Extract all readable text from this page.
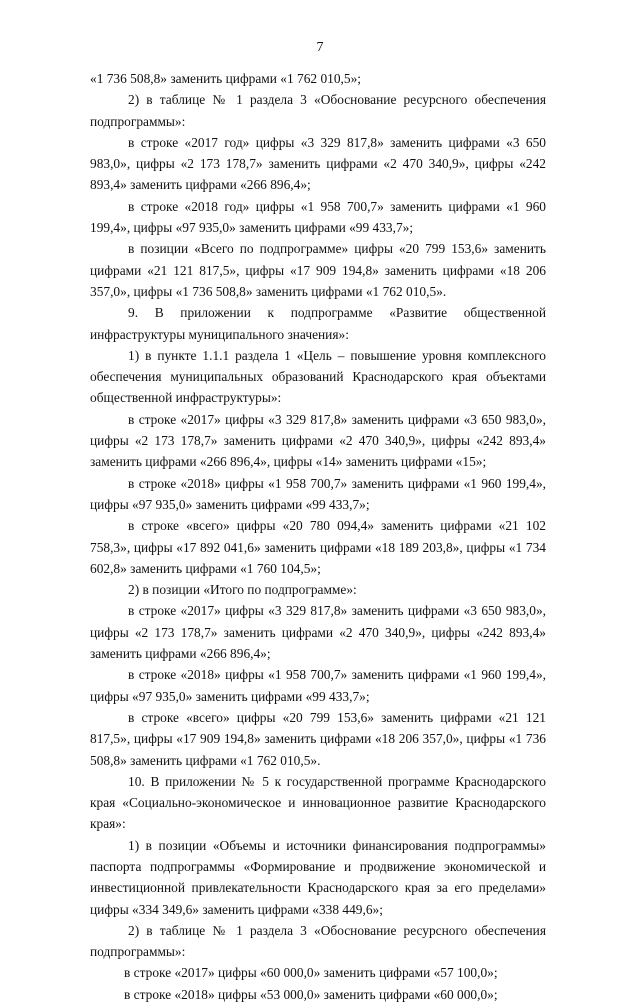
7

«1 736 508,8» заменить цифрами «1 762 010,5»;

2) в таблице № 1 раздела 3 «Обоснование ресурсного обеспечения подпрограммы»:

в строке «2017 год» цифры «3 329 817,8» заменить цифрами «3 650 983,0», цифры «2 173 178,7» заменить цифрами «2 470 340,9», цифры «242 893,4» заменить цифрами «266 896,4»;

в строке «2018 год» цифры «1 958 700,7» заменить цифрами «1 960 199,4», цифры «97 935,0» заменить цифрами «99 433,7»;

в позиции «Всего по подпрограмме» цифры «20 799 153,6» заменить цифрами «21 121 817,5», цифры «17 909 194,8» заменить цифрами «18 206 357,0», цифры «1 736 508,8» заменить цифрами «1 762 010,5».

9. В приложении к подпрограмме «Развитие общественной инфраструктуры муниципального значения»:

1) в пункте 1.1.1 раздела 1 «Цель – повышение уровня комплексного обеспечения муниципальных образований Краснодарского края объектами общественной инфраструктуры»:

в строке «2017» цифры «3 329 817,8» заменить цифрами «3 650 983,0», цифры «2 173 178,7» заменить цифрами «2 470 340,9», цифры «242 893,4» заменить цифрами «266 896,4», цифры «14» заменить цифрами «15»;

в строке «2018» цифры «1 958 700,7» заменить цифрами «1 960 199,4», цифры «97 935,0» заменить цифрами «99 433,7»;

в строке «всего» цифры «20 780 094,4» заменить цифрами «21 102 758,3», цифры «17 892 041,6» заменить цифрами «18 189 203,8», цифры «1 734 602,8» заменить цифрами «1 760 104,5»;

2) в позиции «Итого по подпрограмме»:

в строке «2017» цифры «3 329 817,8» заменить цифрами «3 650 983,0», цифры «2 173 178,7» заменить цифрами «2 470 340,9», цифры «242 893,4» заменить цифрами «266 896,4»;

в строке «2018» цифры «1 958 700,7» заменить цифрами «1 960 199,4», цифры «97 935,0» заменить цифрами «99 433,7»;

в строке «всего» цифры «20 799 153,6» заменить цифрами «21 121 817,5», цифры «17 909 194,8» заменить цифрами «18 206 357,0», цифры «1 736 508,8» заменить цифрами «1 762 010,5».

10. В приложении № 5 к государственной программе Краснодарского края «Социально-экономическое и инновационное развитие Краснодарского края»:

1) в позиции «Объемы и источники финансирования подпрограммы» паспорта подпрограммы «Формирование и продвижение экономической и инвестиционной привлекательности Краснодарского края за его пределами» цифры «334 349,6» заменить цифрами «338 449,6»;

2) в таблице № 1 раздела 3 «Обоснование ресурсного обеспечения подпрограммы»:

в строке «2017» цифры «60 000,0» заменить цифрами «57 100,0»;

в строке «2018» цифры «53 000,0» заменить цифрами «60 000,0»;
